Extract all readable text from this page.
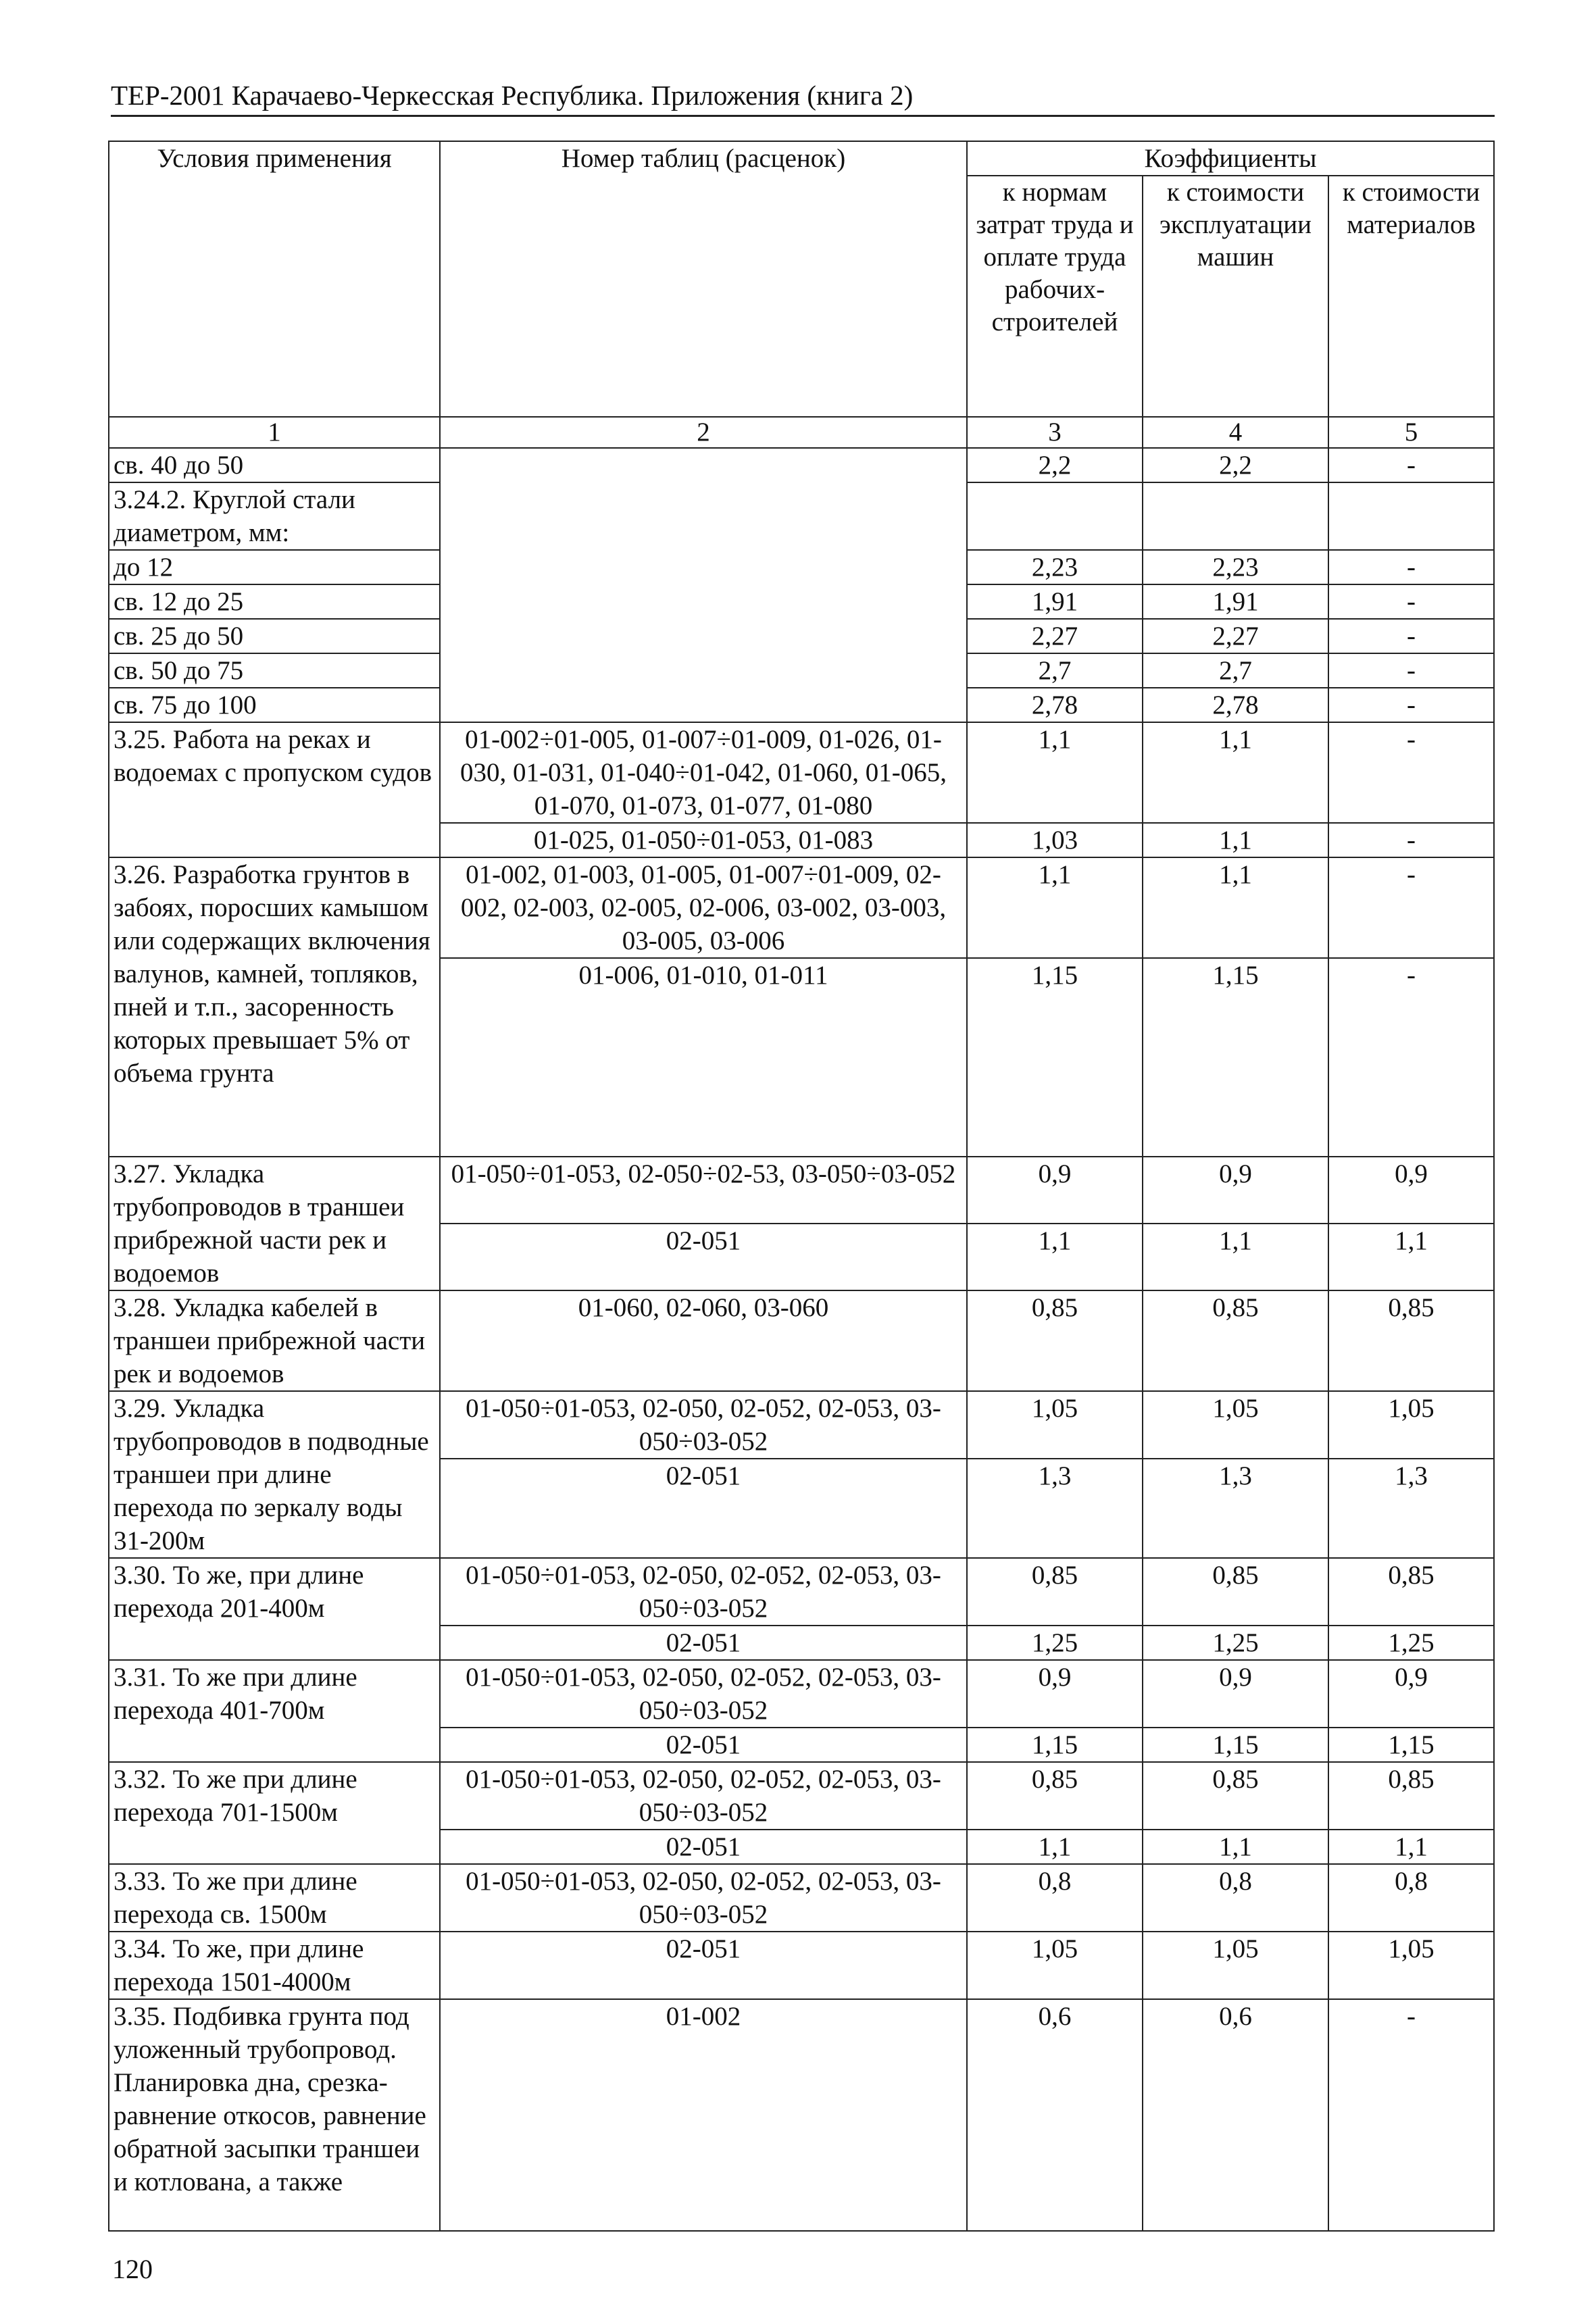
ТЕР-2001 Карачаево-Черкесская Республика. Приложения (книга 2)
Условия применения	Номер таблиц (расценок)	Коэффициенты		
		к нормам затрат труда и оплате труда рабочих-строителей	к стоимости эксплуатации машин	к стоимости материалов
1	2	3	4	5
св. 40 до 50		2,2	2,2	-
3.24.2. Круглой стали диаметром, мм:				
до 12		2,23	2,23	-
св. 12 до 25		1,91	1,91	-
св. 25 до 50		2,27	2,27	-
св. 50 до 75		2,7	2,7	-
св. 75 до 100		2,78	2,78	-
3.25. Работа на реках и водоемах с пропуском судов	01-002÷01-005, 01-007÷01-009, 01-026, 01-030, 01-031, 01-040÷01-042, 01-060, 01-065, 01-070, 01-073, 01-077, 01-080	1,1	1,1	-
	01-025, 01-050÷01-053, 01-083	1,03	1,1	-
3.26. Разработка грунтов в забоях, поросших камышом или содержащих включения валунов, камней, топляков, пней и т.п., засоренность которых превышает 5% от объема грунта	01-002, 01-003, 01-005, 01-007÷01-009, 02-002, 02-003, 02-005, 02-006, 03-002, 03-003, 03-005, 03-006	1,1	1,1	-
	01-006, 01-010, 01-011	1,15	1,15	-
3.27. Укладка трубопроводов в траншеи прибрежной части рек и водоемов	01-050÷01-053, 02-050÷02-53, 03-050÷03-052	0,9	0,9	0,9
	02-051	1,1	1,1	1,1
3.28. Укладка кабелей в траншеи прибрежной части рек и водоемов	01-060, 02-060, 03-060	0,85	0,85	0,85
3.29. Укладка трубопроводов в подводные траншеи при длине перехода по зеркалу воды 31-200м	01-050÷01-053, 02-050, 02-052, 02-053, 03-050÷03-052	1,05	1,05	1,05
	02-051	1,3	1,3	1,3
3.30. То же, при длине перехода 201-400м	01-050÷01-053, 02-050, 02-052, 02-053, 03-050÷03-052	0,85	0,85	0,85
	02-051	1,25	1,25	1,25
3.31. То же при длине перехода 401-700м	01-050÷01-053, 02-050, 02-052, 02-053, 03-050÷03-052	0,9	0,9	0,9
	02-051	1,15	1,15	1,15
3.32. То же при длине перехода 701-1500м	01-050÷01-053, 02-050, 02-052, 02-053, 03-050÷03-052	0,85	0,85	0,85
	02-051	1,1	1,1	1,1
3.33. То же при длине перехода св. 1500м	01-050÷01-053, 02-050, 02-052, 02-053, 03-050÷03-052	0,8	0,8	0,8
3.34. То же, при длине перехода 1501-4000м	02-051	1,05	1,05	1,05
3.35. Подбивка грунта под уложенный трубопровод. Планировка дна, срезка-равнение откосов, равнение обратной засыпки траншеи и котлована, а также	01-002	0,6	0,6	-
120
